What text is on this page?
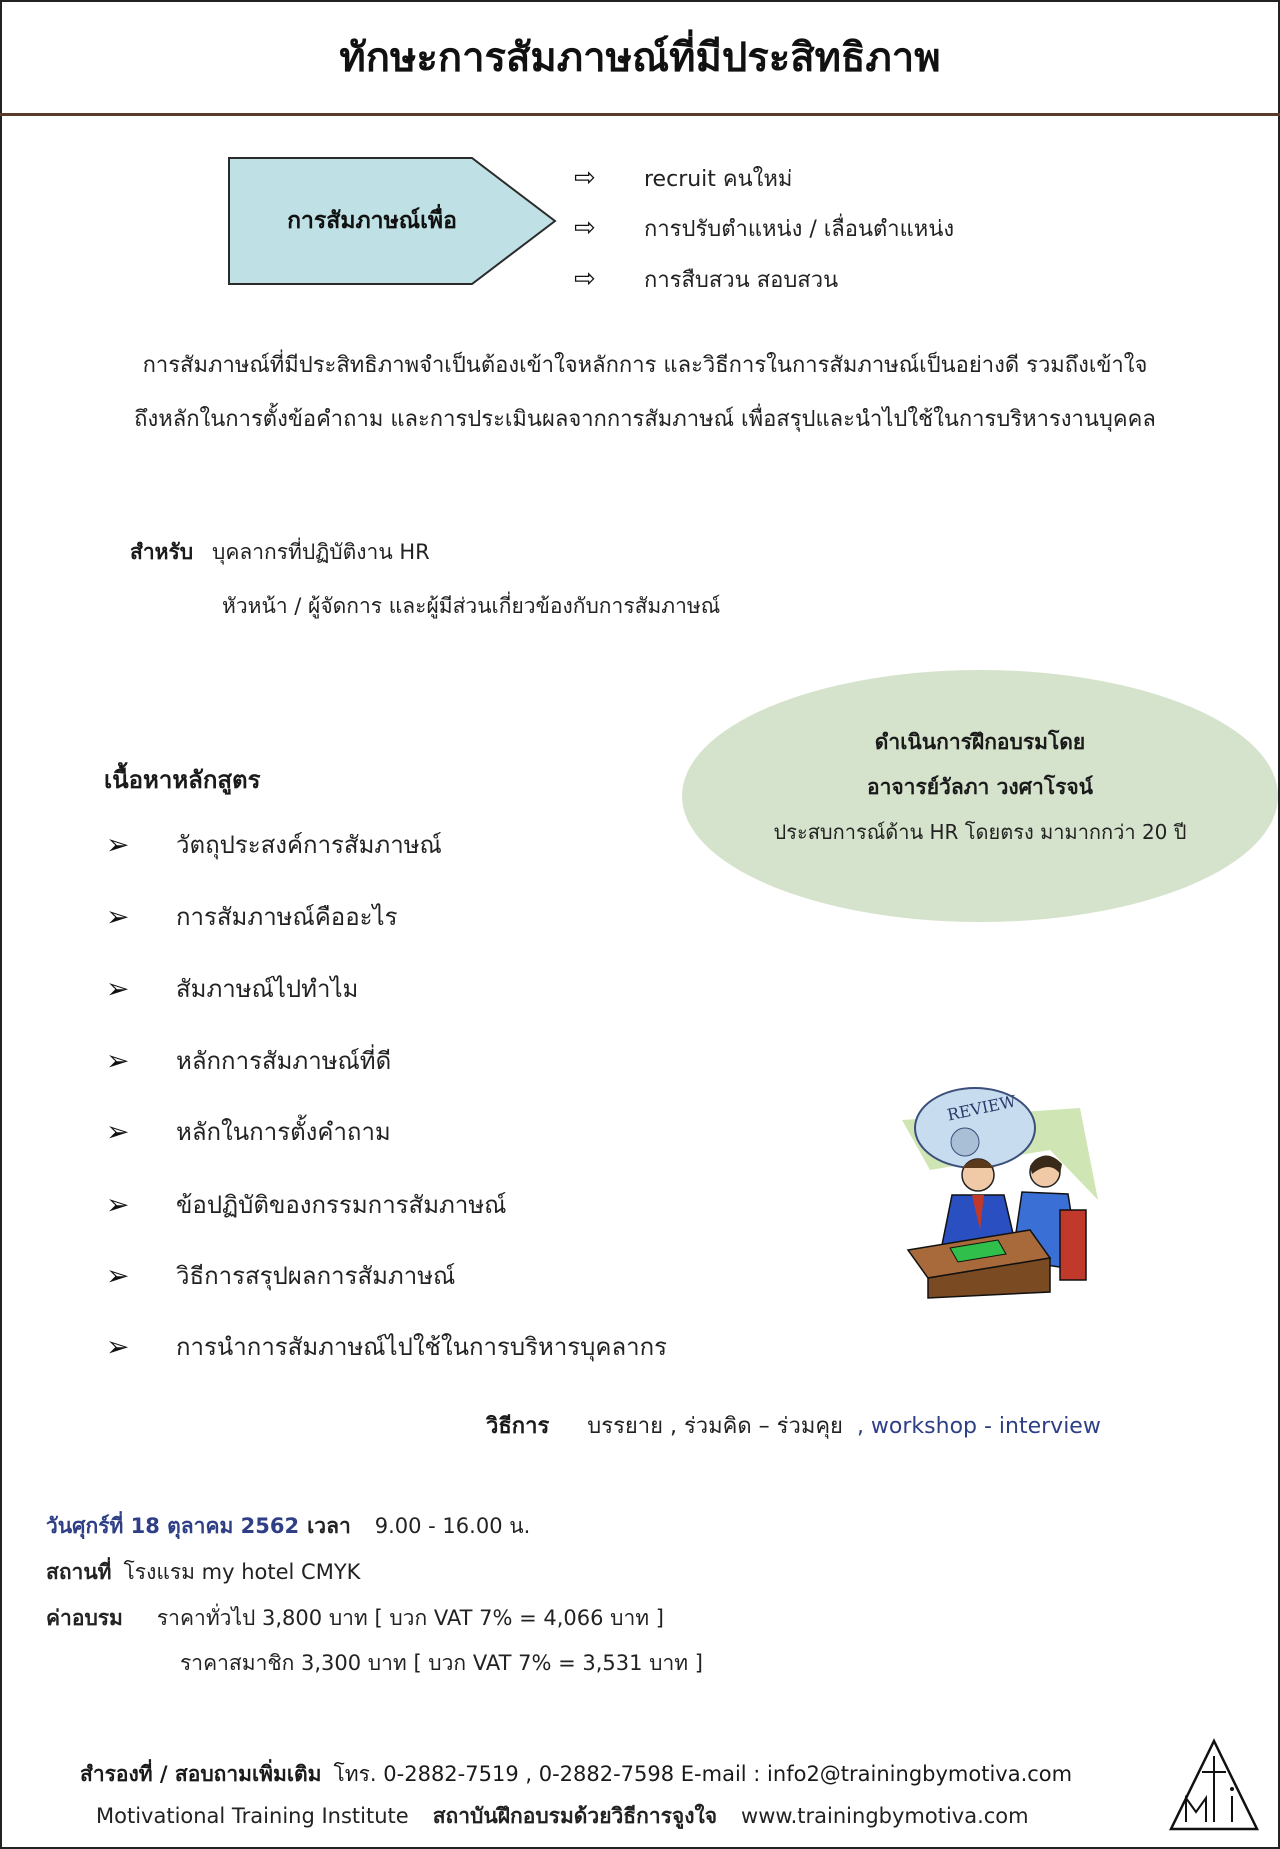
ทักษะการสัมภาษณ์ที่มีประสิทธิภาพ
การสัมภาษณ์เพื่อ
⇨	recruit คนใหม่
⇨	การปรับตำแหน่ง / เลื่อนตำแหน่ง
⇨	การสืบสวน สอบสวน
การสัมภาษณ์ที่มีประสิทธิภาพจำเป็นต้องเข้าใจหลักการ และวิธีการในการสัมภาษณ์เป็นอย่างดี รวมถึงเข้าใจ
ถึงหลักในการตั้งข้อคำถาม และการประเมินผลจากการสัมภาษณ์ เพื่อสรุปและนำไปใช้ในการบริหารงานบุคคล
สำหรับ บุคลากรที่ปฏิบัติงาน HR
หัวหน้า / ผู้จัดการ และผู้มีส่วนเกี่ยวข้องกับการสัมภาษณ์
ดำเนินการฝึกอบรมโดย
อาจารย์วัลภา วงศาโรจน์
ประสบการณ์ด้าน HR โดยตรง มามากกว่า 20 ปี
เนื้อหาหลักสูตร
➢	วัตถุประสงค์การสัมภาษณ์
➢	การสัมภาษณ์คืออะไร
➢	สัมภาษณ์ไปทำไม
➢	หลักการสัมภาษณ์ที่ดี
➢	หลักในการตั้งคำถาม
➢	ข้อปฏิบัติของกรรมการสัมภาษณ์
➢	วิธีการสรุปผลการสัมภาษณ์
➢	การนำการสัมภาษณ์ไปใช้ในการบริหารบุคลากร
REVIEW
วิธีการ บรรยาย , ร่วมคิด – ร่วมคุย , workshop - interview
วันศุกร์ที่ 18 ตุลาคม 2562 เวลา 9.00 - 16.00 น.
สถานที่ โรงแรม my hotel CMYK
ค่าอบรม ราคาทั่วไป 3,800 บาท [ บวก VAT 7% = 4,066 บาท ]
ราคาสมาชิก 3,300 บาท [ บวก VAT 7% = 3,531 บาท ]
สำรองที่ / สอบถามเพิ่มเติม โทร. 0-2882-7519 , 0-2882-7598 E-mail : info2@trainingbymotiva.com
Motivational Training Institute สถาบันฝึกอบรมด้วยวิธีการจูงใจ www.trainingbymotiva.com
